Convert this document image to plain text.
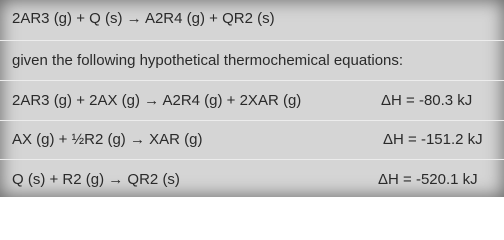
2AR3 (g) + Q (s) → A2R4 (g) + QR2 (s)
given the following hypothetical thermochemical equations:
2AR3 (g) + 2AX (g) → A2R4 (g) + 2XAR (g)	ΔH = -80.3 kJ
AX (g) + ½R2 (g) → XAR (g)	ΔH = -151.2 kJ
Q (s) + R2 (g) → QR2 (s)	ΔH = -520.1 kJ
